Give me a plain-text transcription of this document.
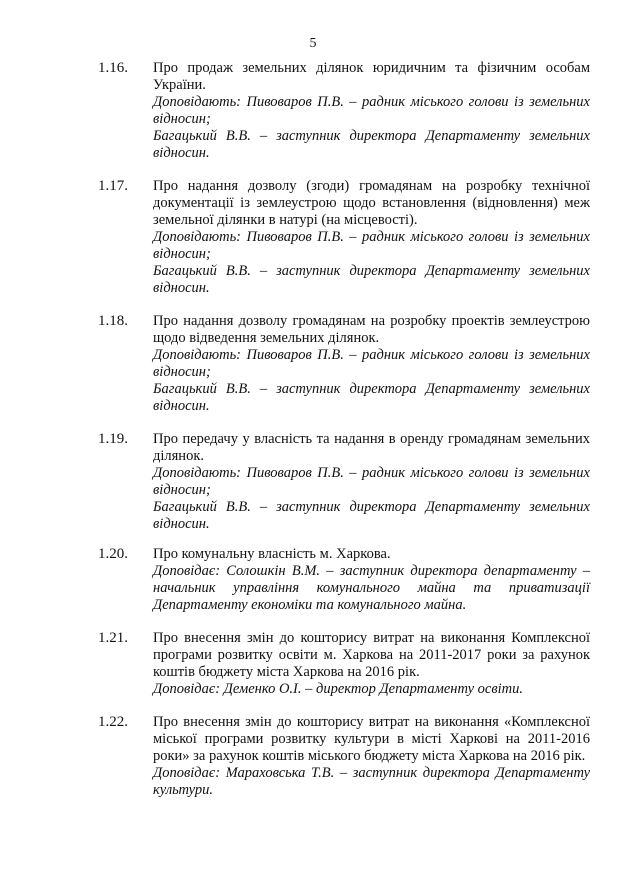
5
1.16. Про продаж земельних ділянок юридичним та фізичним особам України.
Доповідають: Пивоваров П.В. – радник міського голови із земельних відносин;
Багацький В.В. – заступник директора Департаменту земельних відносин.
1.17. Про надання дозволу (згоди) громадянам на розробку технічної документації із землеустрою щодо встановлення (відновлення) меж земельної ділянки в натурі (на місцевості).
Доповідають: Пивоваров П.В. – радник міського голови із земельних відносин;
Багацький В.В. – заступник директора Департаменту земельних відносин.
1.18. Про надання дозволу громадянам на розробку проектів землеустрою щодо відведення земельних ділянок.
Доповідають: Пивоваров П.В. – радник міського голови із земельних відносин;
Багацький В.В. – заступник директора Департаменту земельних відносин.
1.19. Про передачу у власність та надання в оренду громадянам земельних ділянок.
Доповідають: Пивоваров П.В. – радник міського голови із земельних відносин;
Багацький В.В. – заступник директора Департаменту земельних відносин.
1.20. Про комунальну власність м. Харкова.
Доповідає: Солошкін В.М. – заступник директора департаменту – начальник управління комунального майна та приватизації Департаменту економіки та комунального майна.
1.21. Про внесення змін до кошторису витрат на виконання Комплексної програми розвитку освіти м. Харкова на 2011-2017 роки за рахунок коштів бюджету міста Харкова на 2016 рік.
Доповідає: Деменко О.І. – директор Департаменту освіти.
1.22. Про внесення змін до кошторису витрат на виконання «Комплексної міської програми розвитку культури в місті Харкові на 2011-2016 роки» за рахунок коштів міського бюджету міста Харкова на 2016 рік.
Доповідає: Мараховська Т.В. – заступник директора Департаменту культури.
